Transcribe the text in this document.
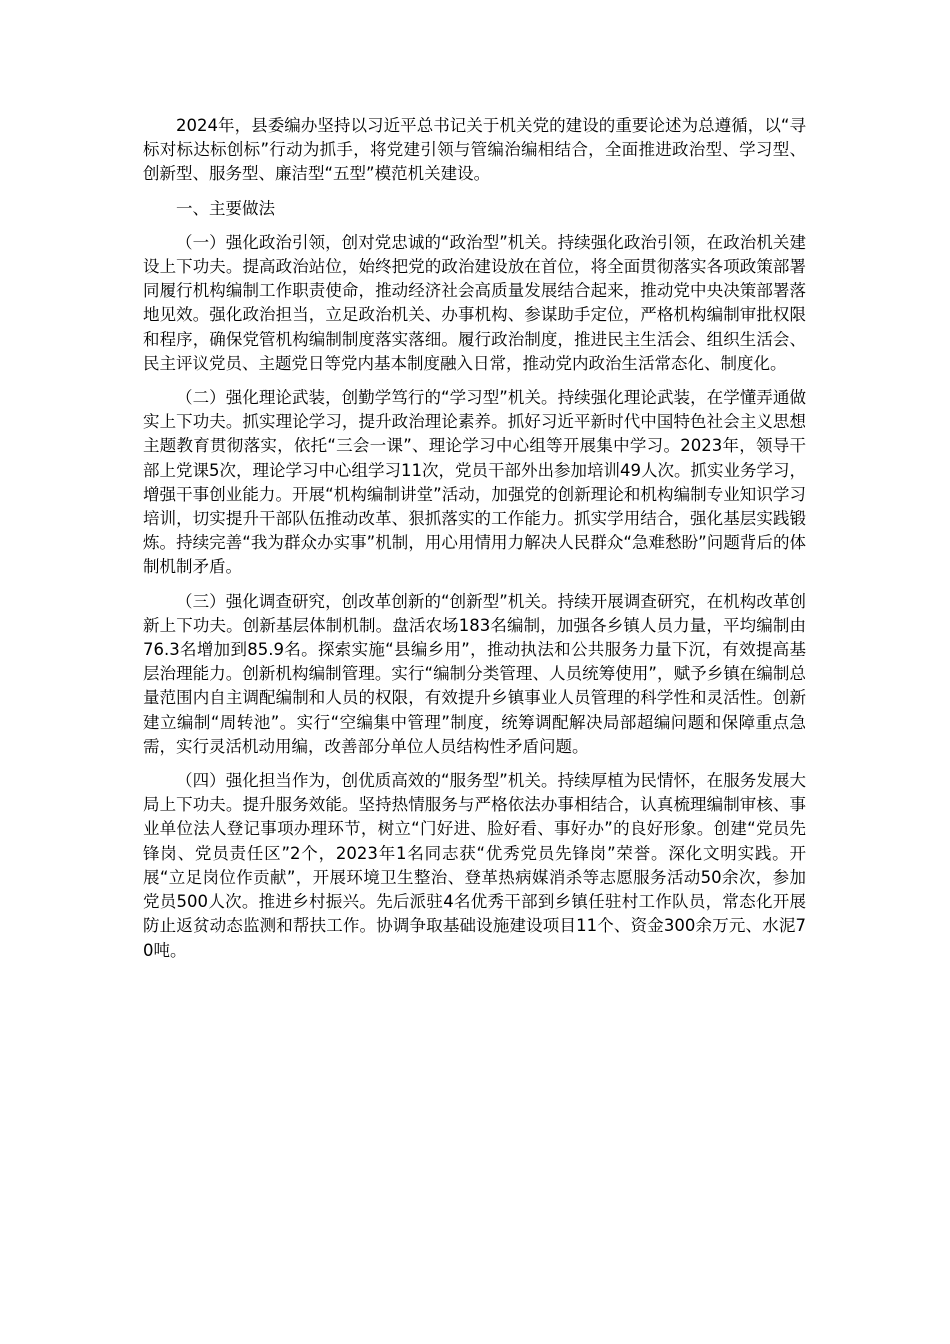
2024年，县委编办坚持以习近平总书记关于机关党的建设的重要论述为总遵循，以“寻标对标达标创标”行动为抓手，将党建引领与管编治编相结合，全面推进政治型、学习型、创新型、服务型、廉洁型“五型”模范机关建设。

一、主要做法

（一）强化政治引领，创对党忠诚的“政治型”机关。持续强化政治引领，在政治机关建设上下功夫。提高政治站位，始终把党的政治建设放在首位，将全面贯彻落实各项政策部署同履行机构编制工作职责使命，推动经济社会高质量发展结合起来，推动党中央决策部署落地见效。强化政治担当，立足政治机关、办事机构、参谋助手定位，严格机构编制审批权限和程序，确保党管机构编制制度落实落细。履行政治制度，推进民主生活会、组织生活会、民主评议党员、主题党日等党内基本制度融入日常，推动党内政治生活常态化、制度化。

（二）强化理论武装，创勤学笃行的“学习型”机关。持续强化理论武装，在学懂弄通做实上下功夫。抓实理论学习，提升政治理论素养。抓好习近平新时代中国特色社会主义思想主题教育贯彻落实，依托“三会一课”、理论学习中心组等开展集中学习。2023年，领导干部上党课5次，理论学习中心组学习11次，党员干部外出参加培训49人次。抓实业务学习，增强干事创业能力。开展“机构编制讲堂”活动，加强党的创新理论和机构编制专业知识学习培训，切实提升干部队伍推动改革、狠抓落实的工作能力。抓实学用结合，强化基层实践锻炼。持续完善“我为群众办实事”机制，用心用情用力解决人民群众“急难愁盼”问题背后的体制机制矛盾。

（三）强化调查研究，创改革创新的“创新型”机关。持续开展调查研究，在机构改革创新上下功夫。创新基层体制机制。盘活农场183名编制，加强各乡镇人员力量，平均编制由76.3名增加到85.9名。探索实施“县编乡用”，推动执法和公共服务力量下沉，有效提高基层治理能力。创新机构编制管理。实行“编制分类管理、人员统筹使用”，赋予乡镇在编制总量范围内自主调配编制和人员的权限，有效提升乡镇事业人员管理的科学性和灵活性。创新建立编制“周转池”。实行“空编集中管理”制度，统筹调配解决局部超编问题和保障重点急需，实行灵活机动用编，改善部分单位人员结构性矛盾问题。

（四）强化担当作为，创优质高效的“服务型”机关。持续厚植为民情怀，在服务发展大局上下功夫。提升服务效能。坚持热情服务与严格依法办事相结合，认真梳理编制审核、事业单位法人登记事项办理环节，树立“门好进、脸好看、事好办”的良好形象。创建“党员先锋岗、党员责任区”2个，2023年1名同志获“优秀党员先锋岗”荣誉。深化文明实践。开展“立足岗位作贡献”，开展环境卫生整治、登革热病媒消杀等志愿服务活动50余次，参加党员500人次。推进乡村振兴。先后派驻4名优秀干部到乡镇任驻村工作队员，常态化开展防止返贫动态监测和帮扶工作。协调争取基础设施建设项目11个、资金300余万元、水泥70吨。
